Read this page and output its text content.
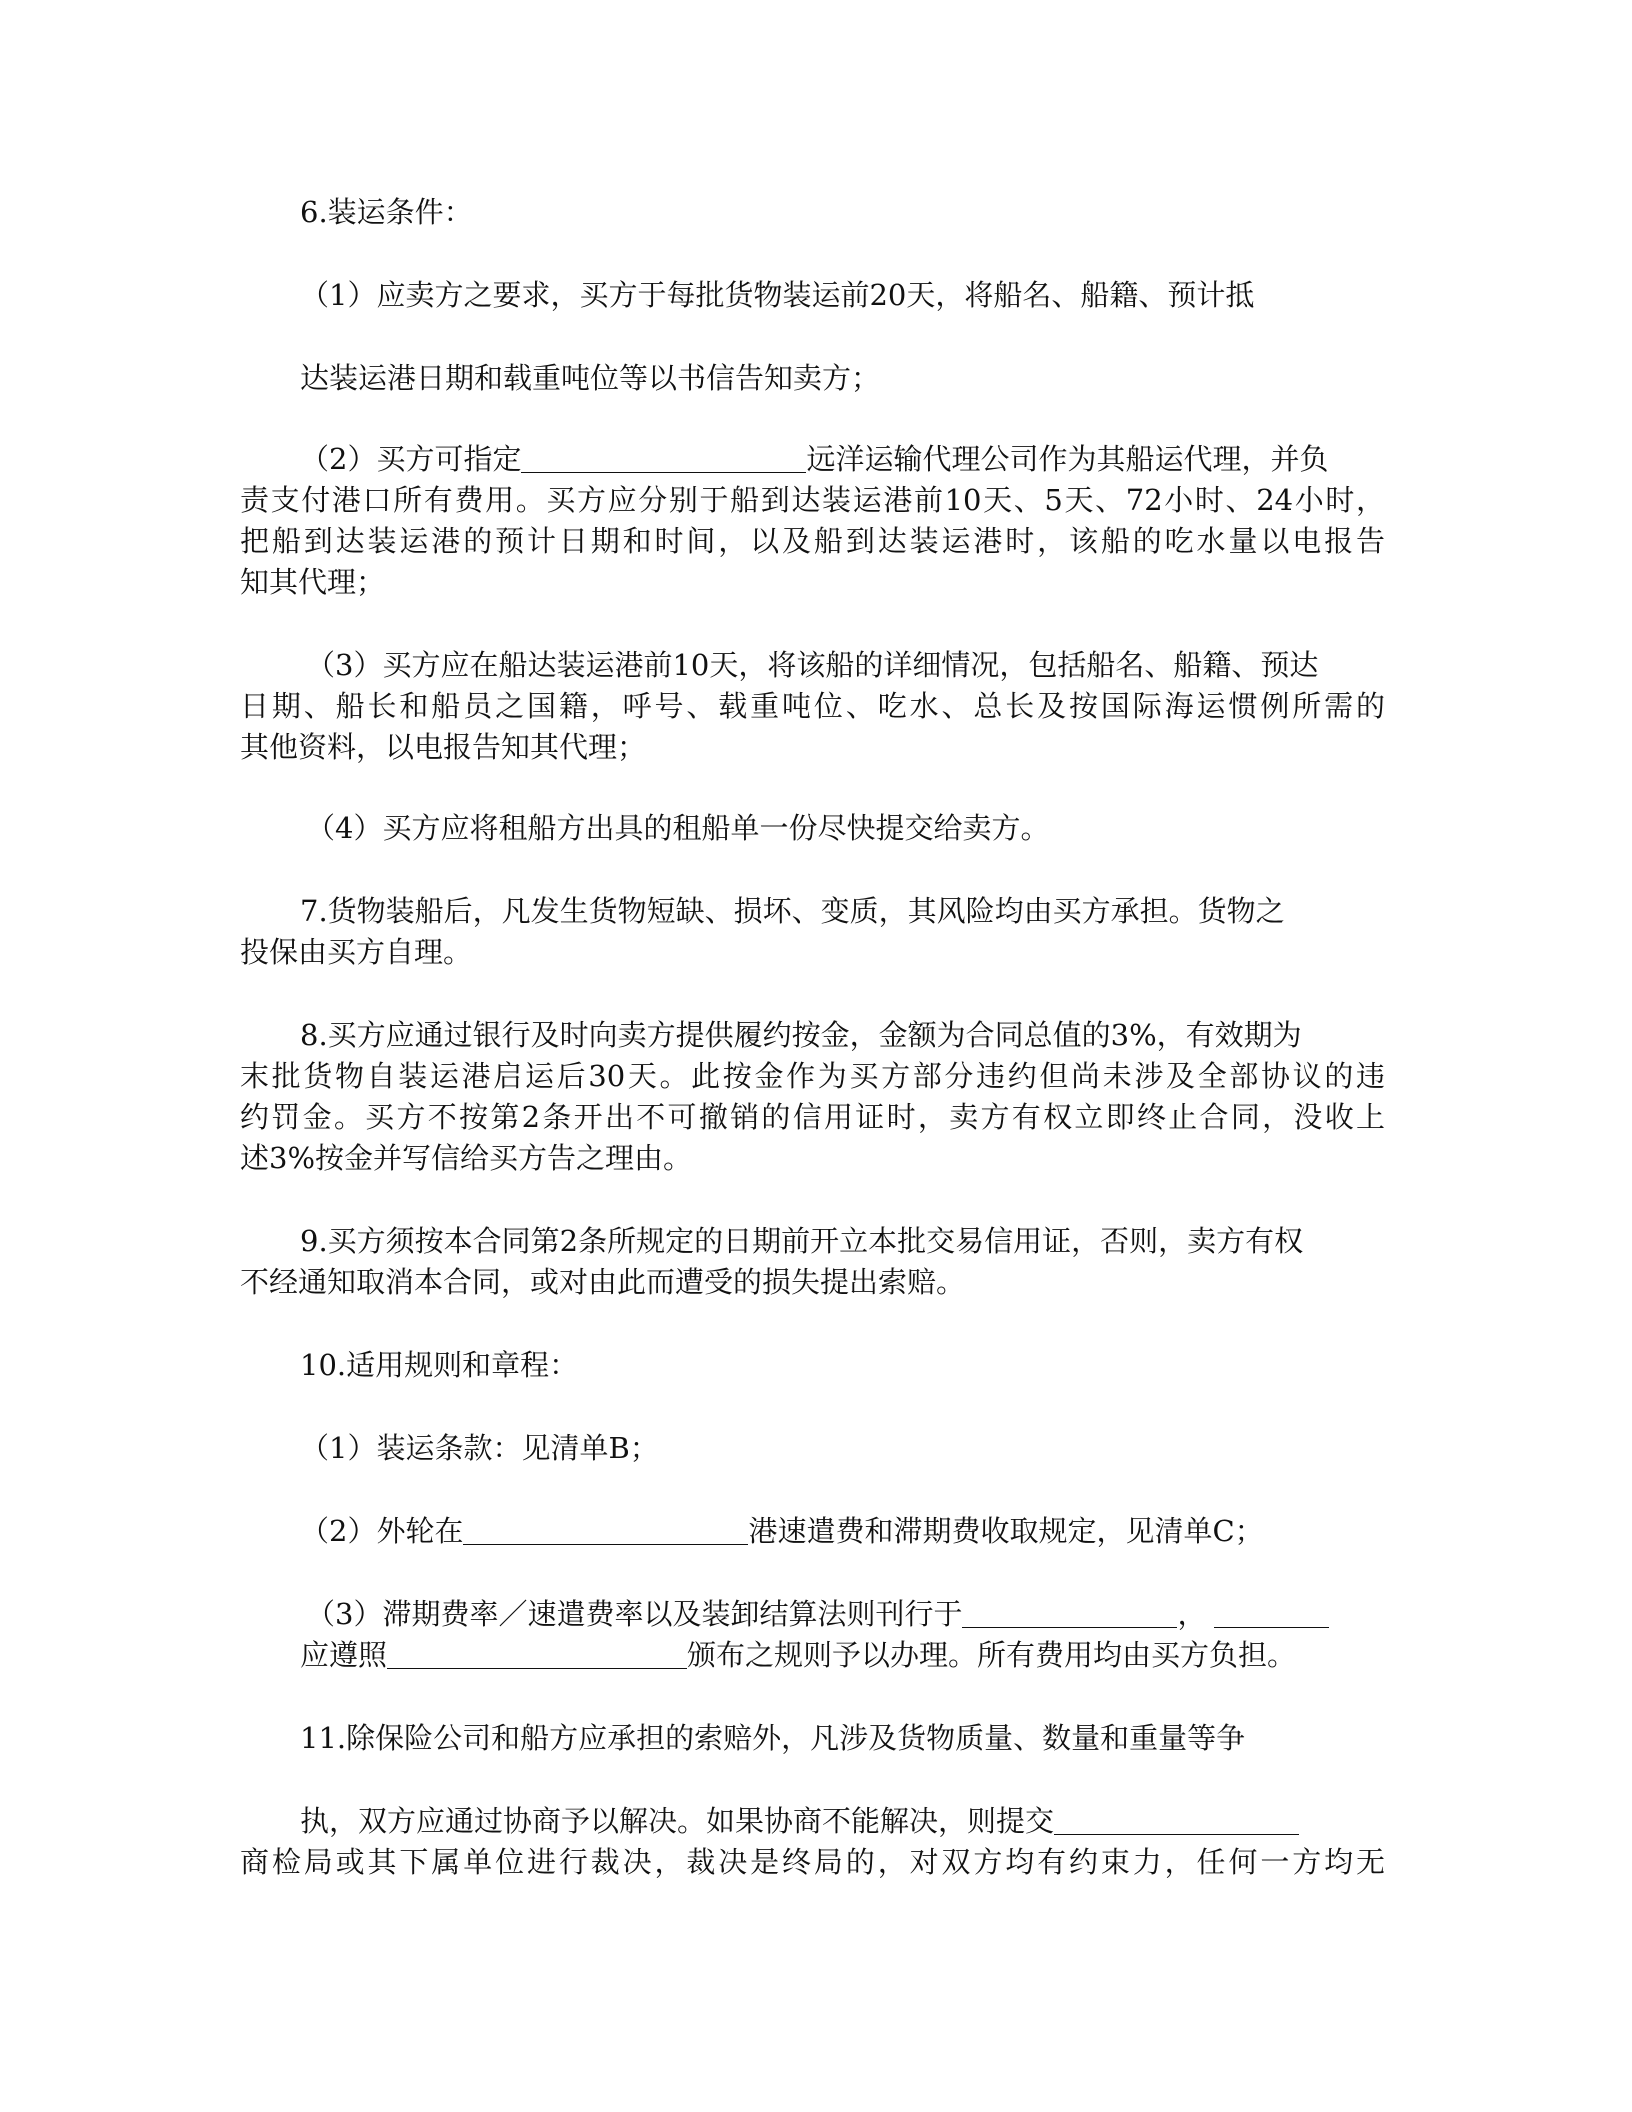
6.装运条件：
（1）应卖方之要求，买方于每批货物装运前20天，将船名、船籍、预计抵
达装运港日期和载重吨位等以书信告知卖方；
（2）买方可指定	远洋运输代理公司作为其船运代理，并负
责支付港口所有费用。买方应分别于船到达装运港前10天、5天、72小时、24小时，
把船到达装运港的预计日期和时间，以及船到达装运港时，该船的吃水量以电报告
知其代理；
（3）买方应在船达装运港前10天，将该船的详细情况，包括船名、船籍、预达
日期、船长和船员之国籍，呼号、载重吨位、吃水、总长及按国际海运惯例所需的
其他资料，以电报告知其代理；
（4）买方应将租船方出具的租船单一份尽快提交给卖方。
7.货物装船后，凡发生货物短缺、损坏、变质，其风险均由买方承担。货物之
投保由买方自理。
8.买方应通过银行及时向卖方提供履约按金，金额为合同总值的3%，有效期为
末批货物自装运港启运后30天。此按金作为买方部分违约但尚未涉及全部协议的违
约罚金。买方不按第2条开出不可撤销的信用证时，卖方有权立即终止合同，没收上
述3%按金并写信给买方告之理由。
9.买方须按本合同第2条所规定的日期前开立本批交易信用证，否则，卖方有权
不经通知取消本合同，或对由此而遭受的损失提出索赔。
10.适用规则和章程：
（1）装运条款：见清单B；
（2）外轮在	港速遣费和滞期费收取规定，见清单C；
（3）滞期费率／速遣费率以及装卸结算法则刊行于	，
应遵照	颁布之规则予以办理。所有费用均由买方负担。
11.除保险公司和船方应承担的索赔外，凡涉及货物质量、数量和重量等争
执，双方应通过协商予以解决。如果协商不能解决，则提交
商检局或其下属单位进行裁决，裁决是终局的，对双方均有约束力，任何一方均无
